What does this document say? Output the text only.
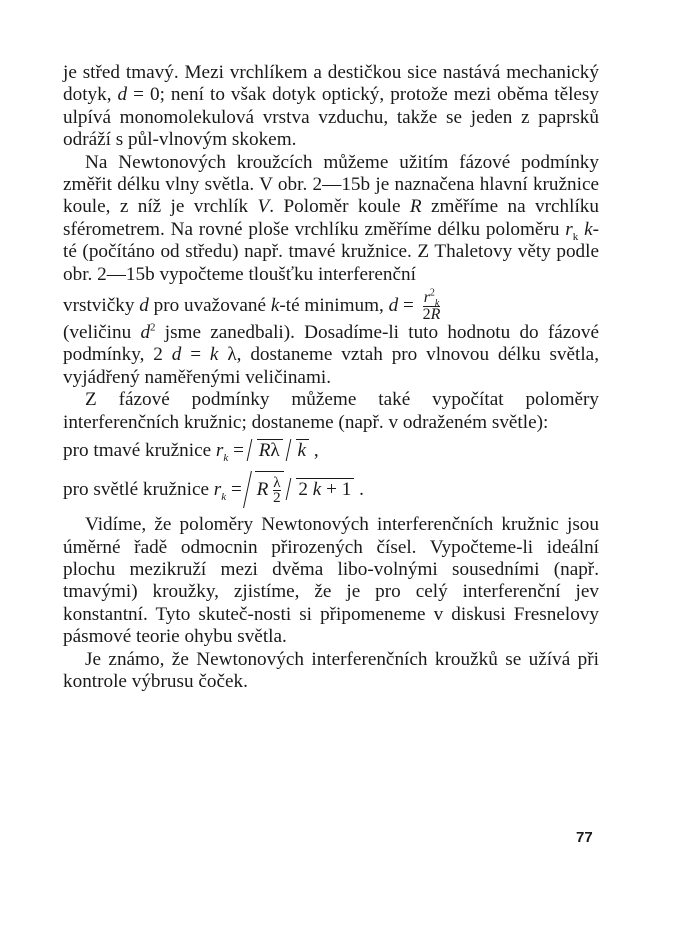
je střed tmavý. Mezi vrchlíkem a destičkou sice nastává mechanický dotyk, d = 0; není to však dotyk optický, protože mezi oběma tělesy ulpívá monomolekulová vrstva vzduchu, takže se jeden z paprsků odráží s půl-vlnovým skokem.

Na Newtonových kroužcích můžeme užitím fázové podmínky změřit délku vlny světla. V obr. 2—15b je naznačena hlavní kružnice koule, z níž je vrchlík V. Poloměr koule R změříme na vrchlíku sférometrem. Na rovné ploše vrchlíku změříme délku poloměru $r_k$ k-té (počítáno od středu) např. tmavé kružnice. Z Thaletovy věty podle obr. 2—15b vypočteme tloušťku interferenční

vrstvičky d pro uvažované k-té minimum, $d = \frac{r^2_k}{2R}$

(veličinu $d^2$ jsme zanedbali). Dosadíme-li tuto hodnotu do fázové podmínky, 2 d = k λ, dostaneme vztah pro vlnovou délku světla, vyjádřený naměřenými veličinami.

Z fázové podmínky můžeme také vypočítat poloměry interferenčních kružnic; dostaneme (např. v odraženém světle):

pro tmavé kružnice $r_k = R\lambda$ k ,

pro světlé kružnice $r_k = R \frac{\lambda}{2} 2$ k + 1 .

Vidíme, že poloměry Newtonových interferenčních kružnic jsou úměrné řadě odmocnin přirozených čísel. Vypočteme-li ideální plochu mezikruží mezi dvěma libo-volnými sousedními (např. tmavými) kroužky, zjistíme, že je pro celý interferenční jev konstantní. Tyto skuteč-nosti si připomeneme v diskusi Fresnelovy pásmové teorie ohybu světla.

Je známo, že Newtonových interferenčních kroužků se užívá při kontrole výbrusu čoček.

77
